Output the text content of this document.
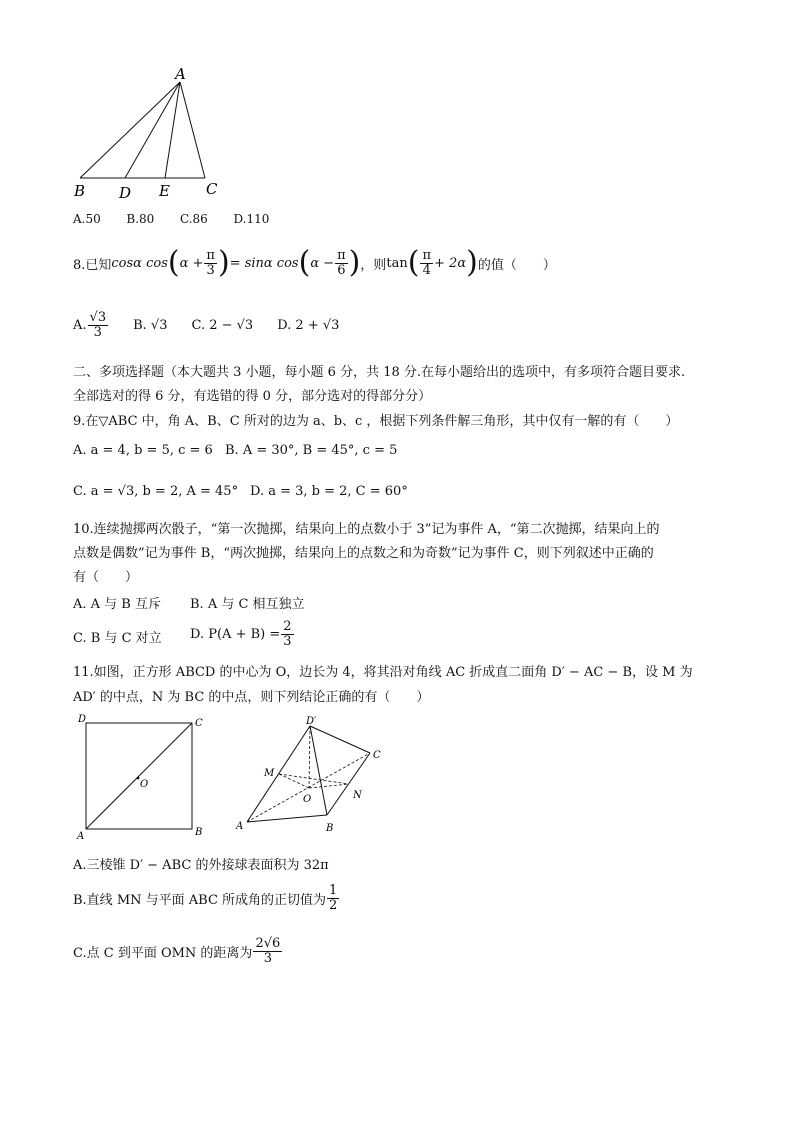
A
B D E C
A.50 B.80 C.86 D.110
8.已知 cosα cos ( $\alpha + \frac{\pi}{3}$ ) = sinα cos ( $\alpha - \frac{\pi}{6}$ ) ，则 tan ( $\frac{\pi}{4} + 2\alpha$ ) 的值（　　）
A. $\frac{√3}{3} B$. √3 C. 2 − √3 D. 2 + √3
二、多项选择题（本大题共 3 小题，每小题 6 分，共 18 分.在每小题给出的选项中，有多项符合题目要求.
全部选对的得 6 分，有选错的得 0 分，部分选对的得部分分）
9.在▽ABC 中，角 A、B、C 所对的边为 a、b、c ，根据下列条件解三角形，其中仅有一解的有（　　）
A. a = 4, b = 5, c = 6 B. A = 30°, B = 45°, c = 5
C. a = √3, b = 2, A = 45° D. a = 3, b = 2, C = 60°
10.连续抛掷两次骰子，“第一次抛掷，结果向上的点数小于 3”记为事件 A，“第二次抛掷，结果向上的
点数是偶数”记为事件 B，“两次抛掷，结果向上的点数之和为奇数”记为事件 C，则下列叙述中正确的
有（　　）
A. A 与 B 互斥 B. A 与 C 相互独立
C. B 与 C 对立 D. $P(A + B) = \frac{2}{3}$
11.如图，正方形 ABCD 的中心为 O，边长为 4，将其沿对角线 AC 折成直二面角 D′ − AC − B，设 M 为
AD′ 的中点，N 为 BC 的中点，则下列结论正确的有（　　）
D	C
O
A	B
D′
C
M
O	N
A	B
A.三棱锥 D′ − ABC 的外接球表面积为 32π
B.直线 MN 与平面 ABC 所成角的正切值为 $\frac{1}{2}$
C.点 C 到平面 OMN 的距离为 $\frac{2√6}{3}$
